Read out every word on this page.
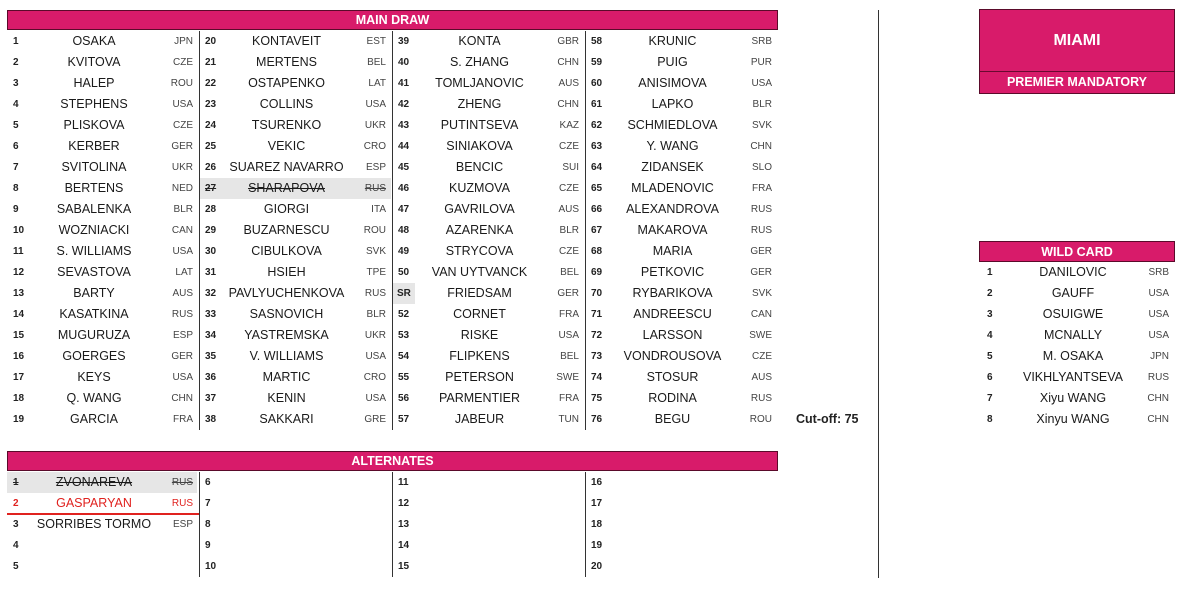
MAIN DRAW
1	OSAKA	JPN
2	KVITOVA	CZE
3	HALEP	ROU
4	STEPHENS	USA
5	PLISKOVA	CZE
6	KERBER	GER
7	SVITOLINA	UKR
8	BERTENS	NED
9	SABALENKA	BLR
10	WOZNIACKI	CAN
11	S. WILLIAMS	USA
12	SEVASTOVA	LAT
13	BARTY	AUS
14	KASATKINA	RUS
15	MUGURUZA	ESP
16	GOERGES	GER
17	KEYS	USA
18	Q. WANG	CHN
19	GARCIA	FRA
20	KONTAVEIT	EST
21	MERTENS	BEL
22	OSTAPENKO	LAT
23	COLLINS	USA
24	TSURENKO	UKR
25	VEKIC	CRO
26	SUAREZ NAVARRO	ESP
27	SHARAPOVA	RUS
28	GIORGI	ITA
29	BUZARNESCU	ROU
30	CIBULKOVA	SVK
31	HSIEH	TPE
32 PAVLYUCHENKOVA	RUS
33	SASNOVICH	BLR
34	YASTREMSKA	UKR
35	V. WILLIAMS	USA
36	MARTIC	CRO
37	KENIN	USA
38	SAKKARI	GRE
39	KONTA	GBR
40	S. ZHANG	CHN
41	TOMLJANOVIC	AUS
42	ZHENG	CHN
43	PUTINTSEVA	KAZ
44	SINIAKOVA	CZE
45	BENCIC	SUI
46	KUZMOVA	CZE
47	GAVRILOVA	AUS
48	AZARENKA	BLR
49	STRYCOVA	CZE
50	VAN UYTVANCK	BEL
SR	FRIEDSAM	GER
52	CORNET	FRA
53	RISKE	USA
54	FLIPKENS	BEL
55	PETERSON	SWE
56	PARMENTIER	FRA
57	JABEUR	TUN
58	KRUNIC	SRB
59	PUIG	PUR
60	ANISIMOVA	USA
61	LAPKO	BLR
62	SCHMIEDLOVA	SVK
63	Y. WANG	CHN
64	ZIDANSEK	SLO
65	MLADENOVIC	FRA
66	ALEXANDROVA	RUS
67	MAKAROVA	RUS
68	MARIA	GER
69	PETKOVIC	GER
70	RYBARIKOVA	SVK
71	ANDREESCU	CAN
72	LARSSON	SWE
73	VONDROUSOVA	CZE
74	STOSUR	AUS
75	RODINA	RUS
76	BEGU	ROU Cut-off: 75
ALTERNATES
1	ZVONAREVA	RUS
2	GASPARYAN	RUS
3	SORRIBES TORMO	ESP
4
5
6
7
8
9
10
11
12
13
14
15
16
17
18
19
20
MIAMI
PREMIER MANDATORY
WILD CARD
1	DANILOVIC	SRB
2	GAUFF	USA
3	OSUIGWE	USA
4	MCNALLY	USA
5	M. OSAKA	JPN
6	VIKHLYANTSEVA	RUS
7	Xiyu WANG	CHN
8	Xinyu WANG	CHN
